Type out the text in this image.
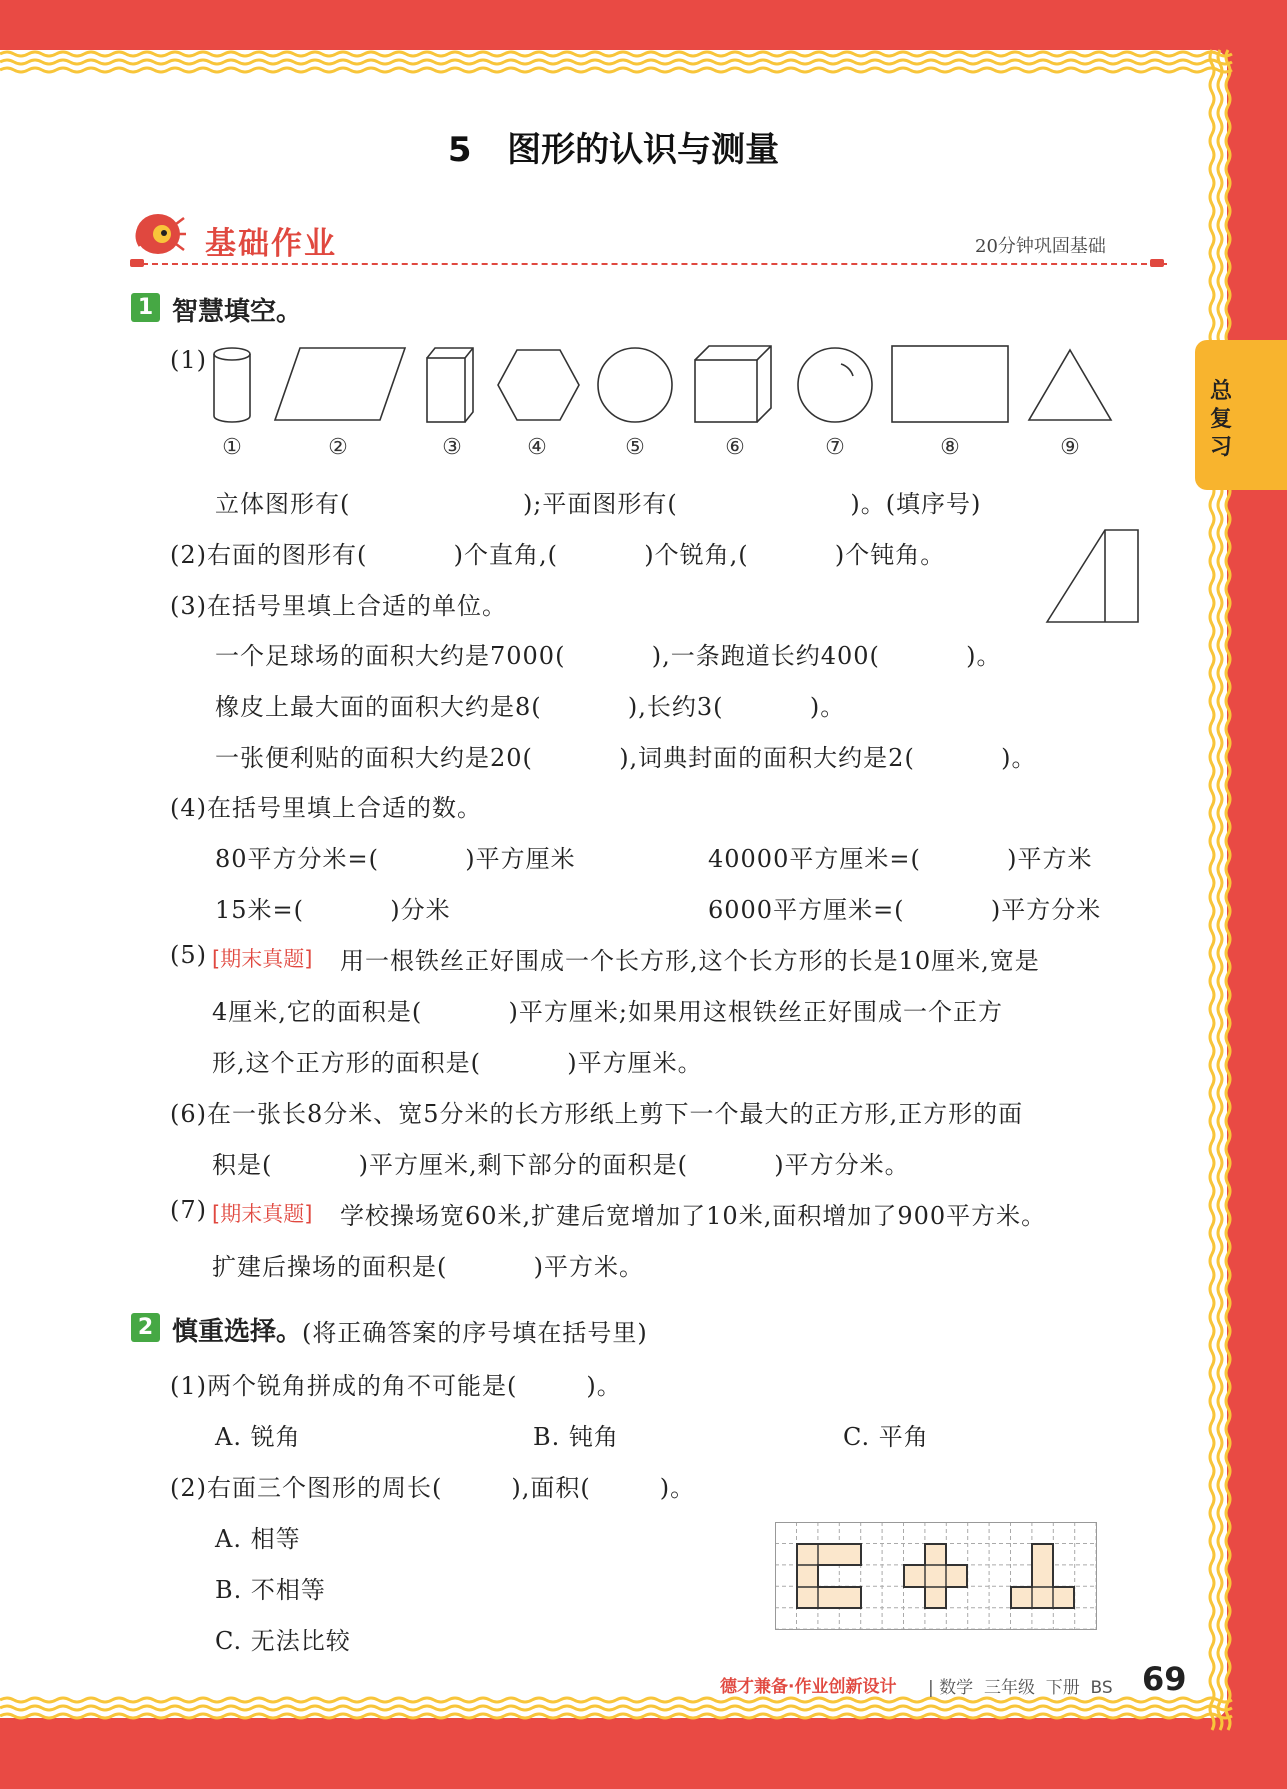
总复习
5   图形的认识与测量
基础作业	20分钟巩固基础
1 智慧填空。
(1)
①	②	③	④	⑤	⑥	⑦	⑧	⑨
立体图形有(                    );平面图形有(                    )。(填序号)
(2)右面的图形有(          )个直角,(          )个锐角,(          )个钝角。
(3)在括号里填上合适的单位。
一个足球场的面积大约是7000(          ),一条跑道长约400(          )。
橡皮上最大面的面积大约是8(          ),长约3(          )。
一张便利贴的面积大约是20(          ),词典封面的面积大约是2(          )。
(4)在括号里填上合适的数。
80平方分米=(          )平方厘米	40000平方厘米=(          )平方米
15米=(          )分米	6000平方厘米=(          )平方分米
(5) [期末真题] 用一根铁丝正好围成一个长方形,这个长方形的长是10厘米,宽是
4厘米,它的面积是(          )平方厘米;如果用这根铁丝正好围成一个正方
形,这个正方形的面积是(          )平方厘米。
(6)在一张长8分米、宽5分米的长方形纸上剪下一个最大的正方形,正方形的面
积是(          )平方厘米,剩下部分的面积是(          )平方分米。
(7) [期末真题] 学校操场宽60米,扩建后宽增加了10米,面积增加了900平方米。
扩建后操场的面积是(          )平方米。
2 慎重选择。 (将正确答案的序号填在括号里)
(1)两个锐角拼成的角不可能是(        )。
A. 锐角	B. 钝角	C. 平角
(2)右面三个图形的周长(        ),面积(        )。
A. 相等
B. 不相等
C. 无法比较
德才兼备·作业创新设计 | 数学  三年级  下册  BS 69
